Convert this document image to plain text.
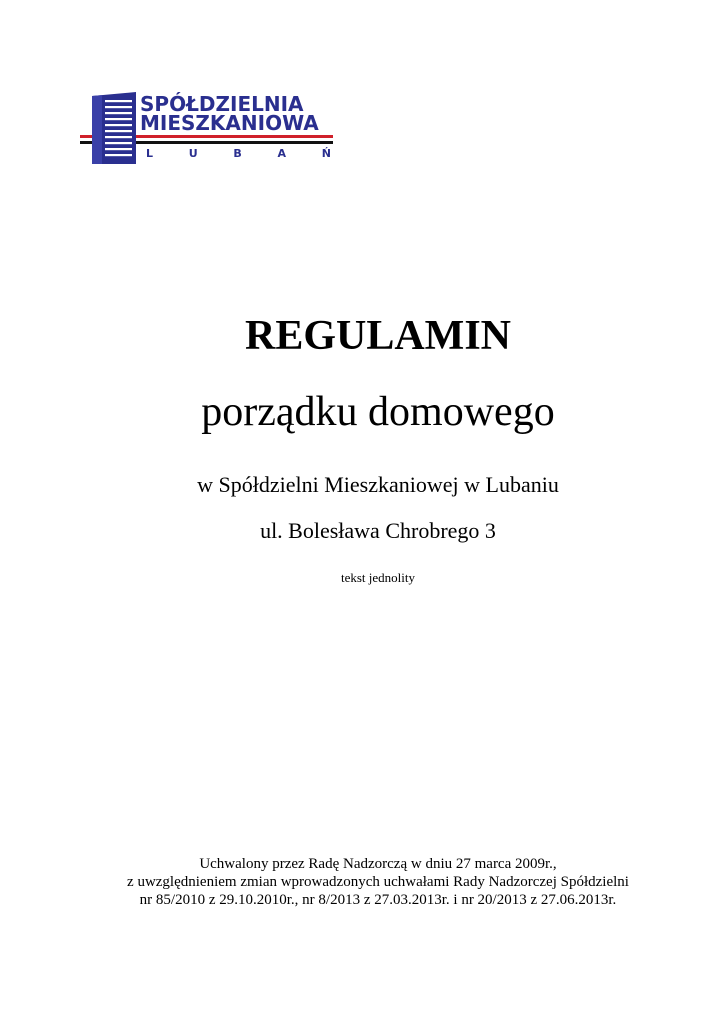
SPÓŁDZIELNIA
MIESZKANIOWA
L	U	B	A	Ń
REGULAMIN
porządku domowego
w Spółdzielni Mieszkaniowej w Lubaniu
ul. Bolesława Chrobrego 3
tekst jednolity
Uchwalony przez Radę Nadzorczą w dniu 27 marca 2009r.,
z uwzględnieniem zmian wprowadzonych uchwałami Rady Nadzorczej Spółdzielni
nr 85/2010 z 29.10.2010r., nr 8/2013 z 27.03.2013r. i nr 20/2013 z 27.06.2013r.
